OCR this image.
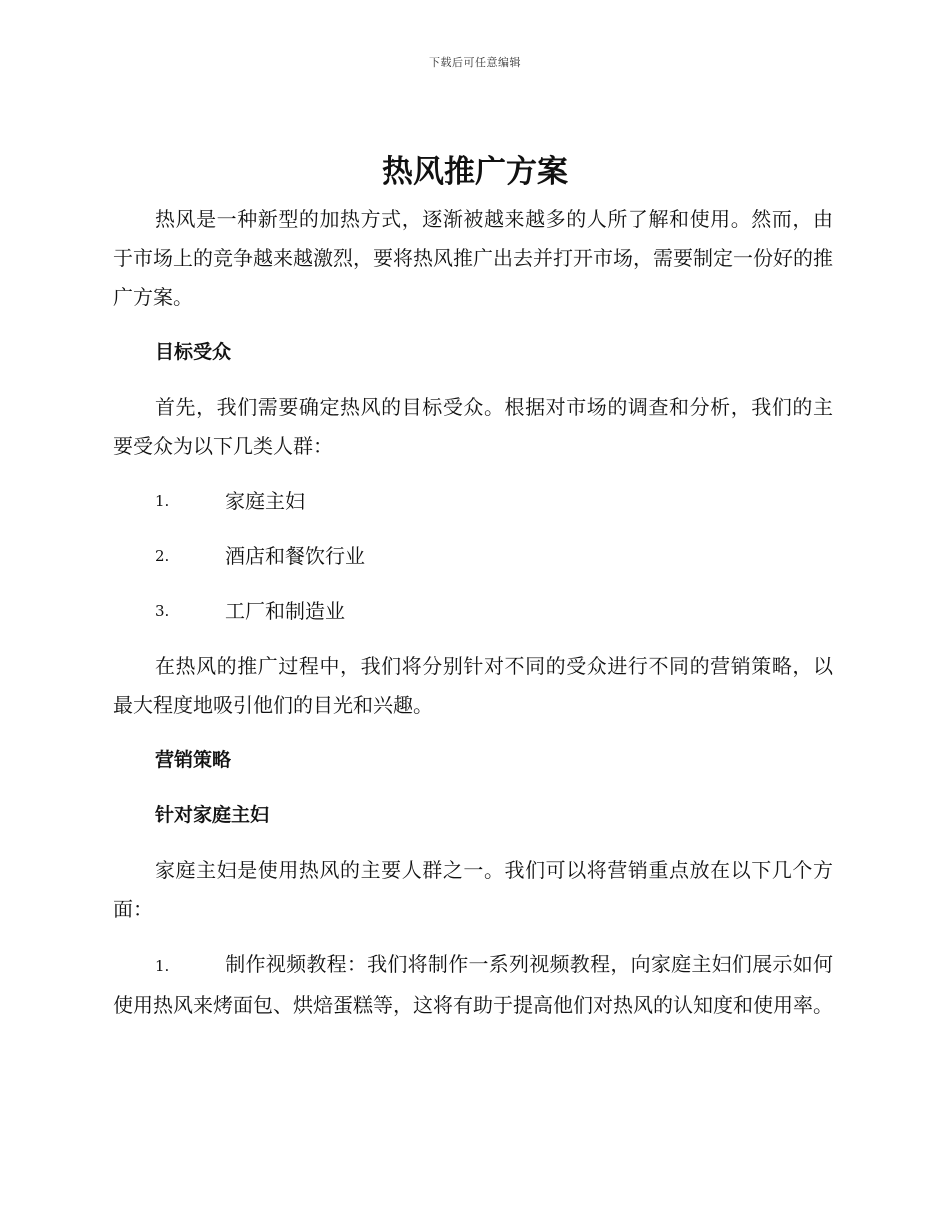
下载后可任意编辑
热风推广方案

热风是一种新型的加热方式，逐渐被越来越多的人所了解和使用。然而，由于市场上的竞争越来越激烈，要将热风推广出去并打开市场，需要制定一份好的推广方案。

目标受众

首先，我们需要确定热风的目标受众。根据对市场的调查和分析，我们的主要受众为以下几类人群：

1.	家庭主妇
2.	酒店和餐饮行业
3.	工厂和制造业

在热风的推广过程中，我们将分别针对不同的受众进行不同的营销策略，以最大程度地吸引他们的目光和兴趣。

营销策略
针对家庭主妇

家庭主妇是使用热风的主要人群之一。我们可以将营销重点放在以下几个方面：

1.	制作视频教程：我们将制作一系列视频教程，向家庭主妇们展示如何使用热风来烤面包、烘焙蛋糕等，这将有助于提高他们对热风的认知度和使用率。
